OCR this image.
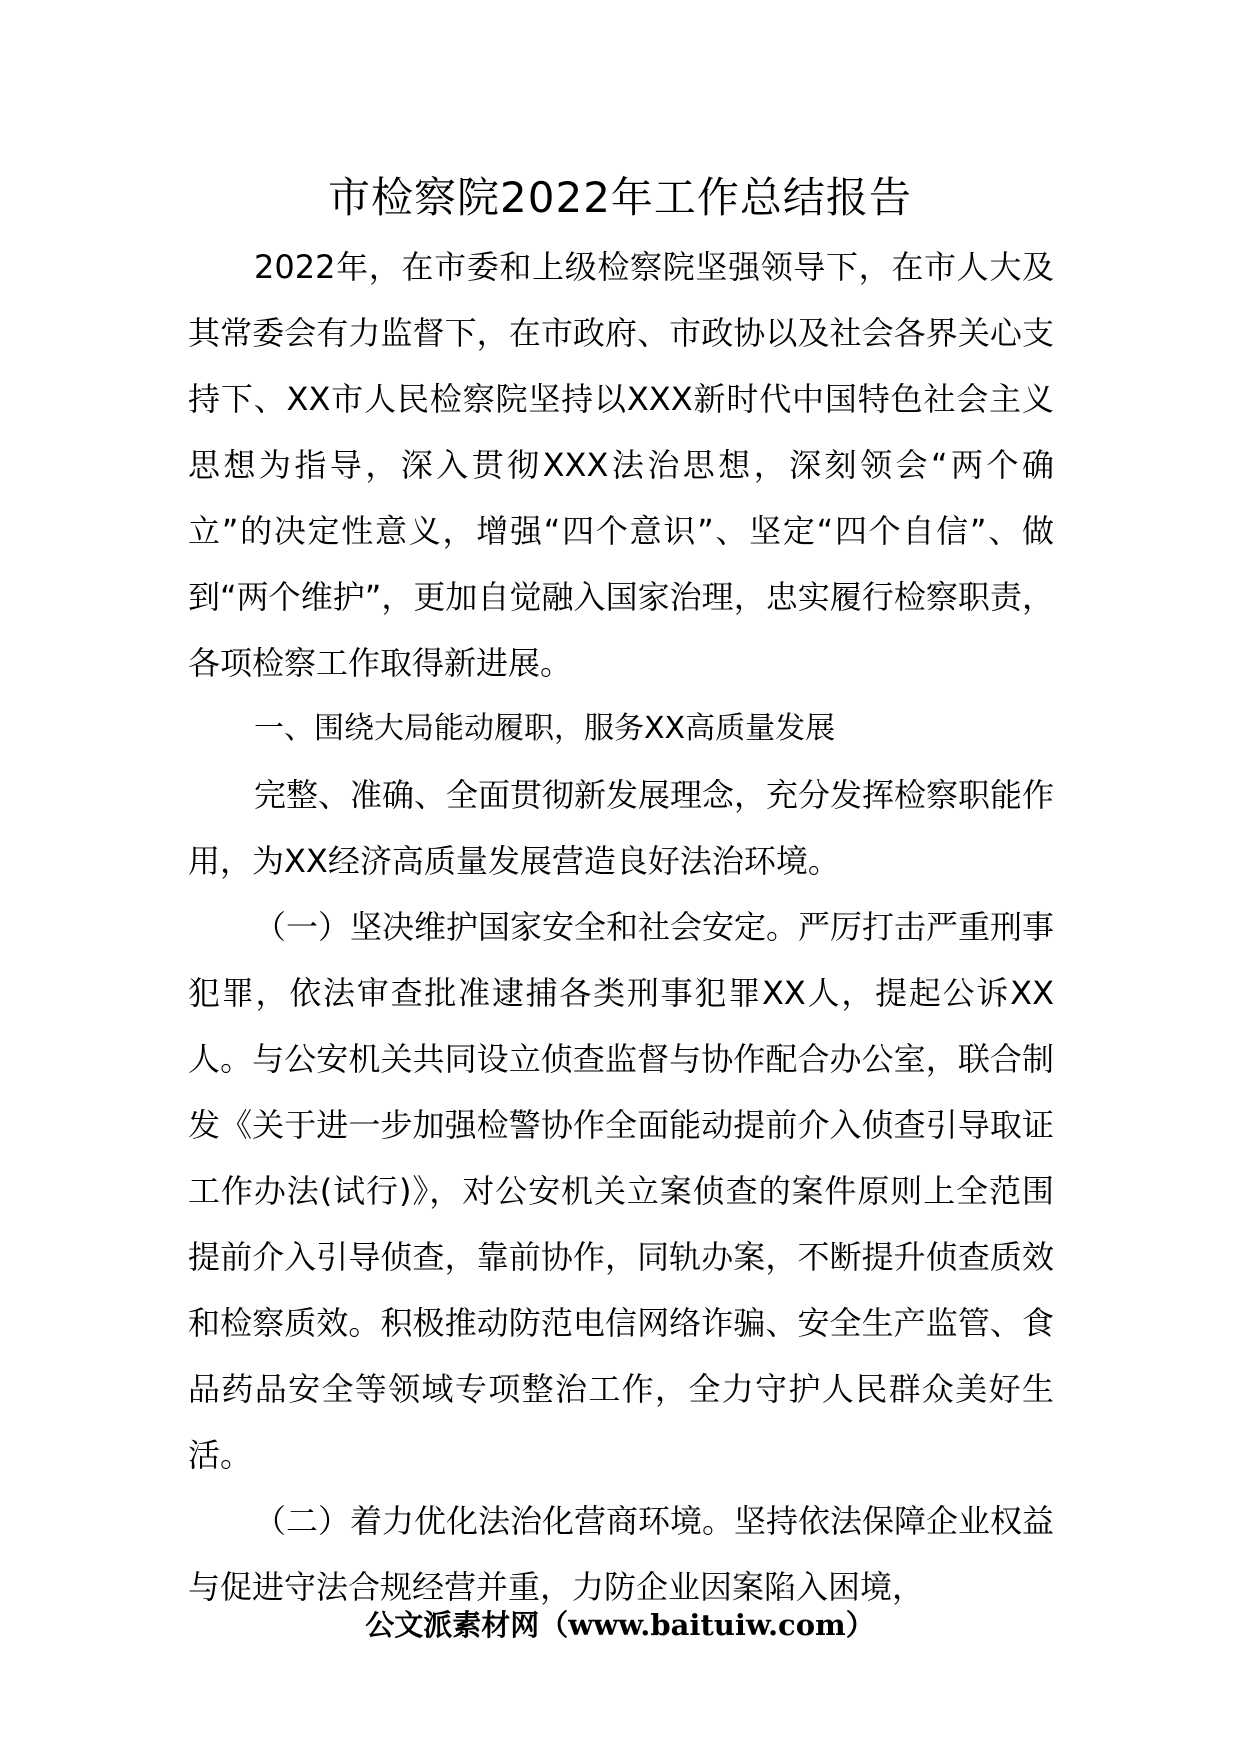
市检察院2022年工作总结报告

2022年，在市委和上级检察院坚强领导下，在市人大及其常委会有力监督下，在市政府、市政协以及社会各界关心支持下、XX市人民检察院坚持以XXX新时代中国特色社会主义思想为指导，深入贯彻XXX法治思想，深刻领会“两个确立”的决定性意义，增强“四个意识”、坚定“四个自信”、做到“两个维护”，更加自觉融入国家治理，忠实履行检察职责，各项检察工作取得新进展。

一、围绕大局能动履职，服务XX高质量发展

完整、准确、全面贯彻新发展理念，充分发挥检察职能作用，为XX经济高质量发展营造良好法治环境。

（一）坚决维护国家安全和社会安定。严厉打击严重刑事犯罪，依法审查批准逮捕各类刑事犯罪XX人，提起公诉XX人。与公安机关共同设立侦查监督与协作配合办公室，联合制发《关于进一步加强检警协作全面能动提前介入侦查引导取证工作办法(试行)》，对公安机关立案侦查的案件原则上全范围提前介入引导侦查，靠前协作，同轨办案，不断提升侦查质效和检察质效。积极推动防范电信网络诈骗、安全生产监管、食品药品安全等领域专项整治工作，全力守护人民群众美好生活。

（二）着力优化法治化营商环境。坚持依法保障企业权益与促进守法合规经营并重，力防企业因案陷入困境，

公文派素材网（www.baituiw.com）
